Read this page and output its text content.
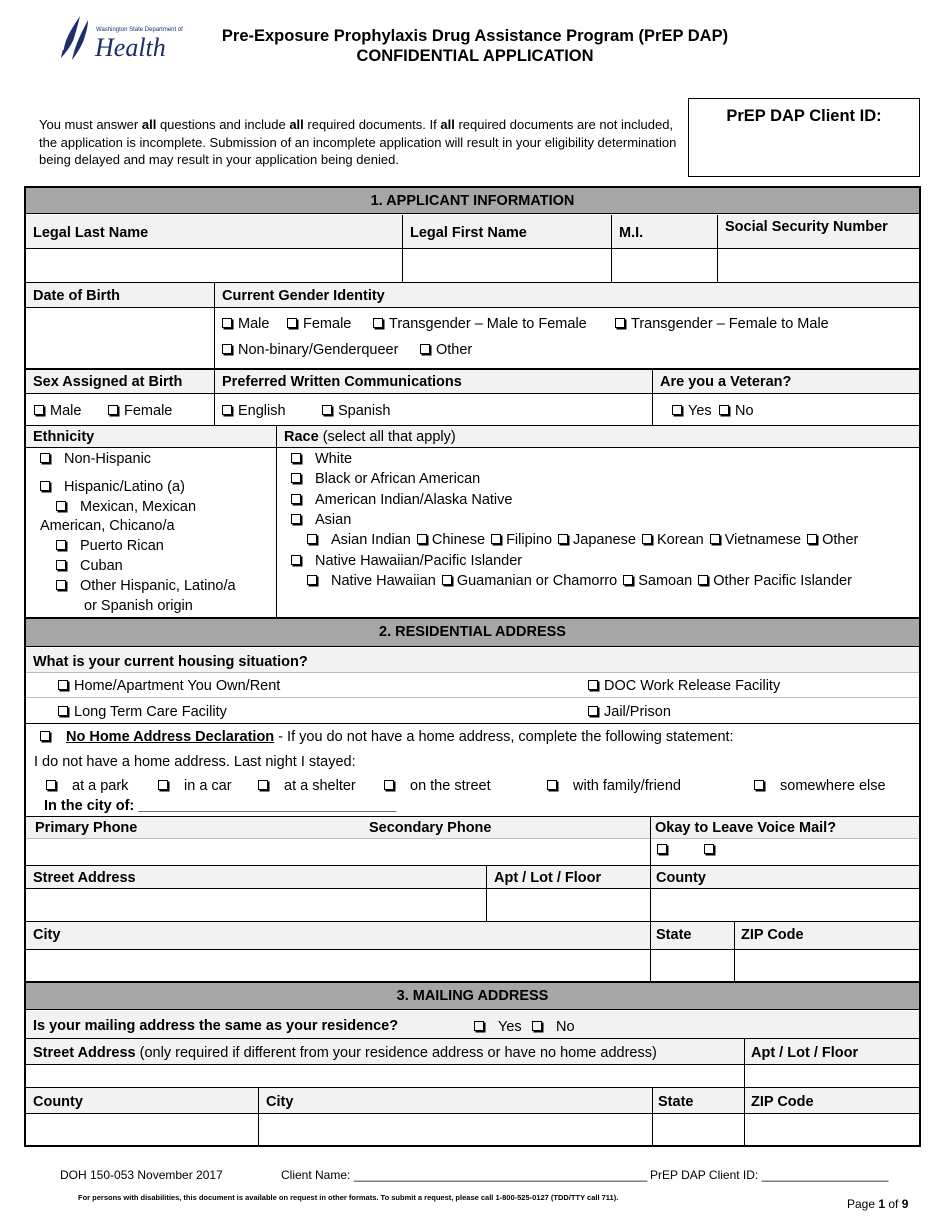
Washington State Department of
Health	Pre-Exposure Prophylaxis Drug Assistance Program (PrEP DAP)
CONFIDENTIAL APPLICATION
You must answer all questions and include all required documents. If all required documents are not included, the application is incomplete. Submission of an incomplete application will result in your eligibility determination being delayed and may result in your application being denied.
PrEP DAP Client ID:
1. APPLICANT INFORMATION
Legal Last Name	Legal First Name	M.I.	Social Security Number
Date of Birth	Current Gender Identity
Male	Female	Transgender – Male to Female	Transgender – Female to Male
Non-binary/Genderqueer	Other
Sex Assigned at Birth	Preferred Written Communications	Are you a Veteran?
Male	Female	English	Spanish	Yes	No
Ethnicity	Race (select all that apply)
Non-Hispanic
Hispanic/Latino (a)
Mexican, Mexican
American, Chicano/a
Puerto Rican
Cuban
Other Hispanic, Latino/a
or Spanish origin
White
Black or African American
American Indian/Alaska Native
Asian
Asian Indian Chinese Filipino Japanese Korean Vietnamese Other
Native Hawaiian/Pacific Islander
Native Hawaiian Guamanian or Chamorro Samoan Other Pacific Islander
2. RESIDENTIAL ADDRESS
What is your current housing situation?
Home/Apartment You Own/Rent	DOC Work Release Facility
Long Term Care Facility	Jail/Prison
No Home Address Declaration - If you do not have a home address, complete the following statement:
I do not have a home address. Last night I stayed:
at a park	in a car	at a shelter	on the street	with family/friend	somewhere else
In the city of: ________________________________
Primary Phone	Secondary Phone	Okay to Leave Voice Mail?
Street Address	Apt / Lot / Floor	County
City	State	ZIP Code
3. MAILING ADDRESS
Is your mailing address the same as your residence?	Yes	No
Street Address (only required if different from your residence address or have no home address)	Apt / Lot / Floor
County	City	State	ZIP Code
DOH 150-053 November 2017	Client Name: ____________________________________________ PrEP DAP Client ID: ___________________
For persons with disabilities, this document is available on request in other formats. To submit a request, please call 1-800-525-0127 (TDD/TTY call 711).	Page 1 of 9
